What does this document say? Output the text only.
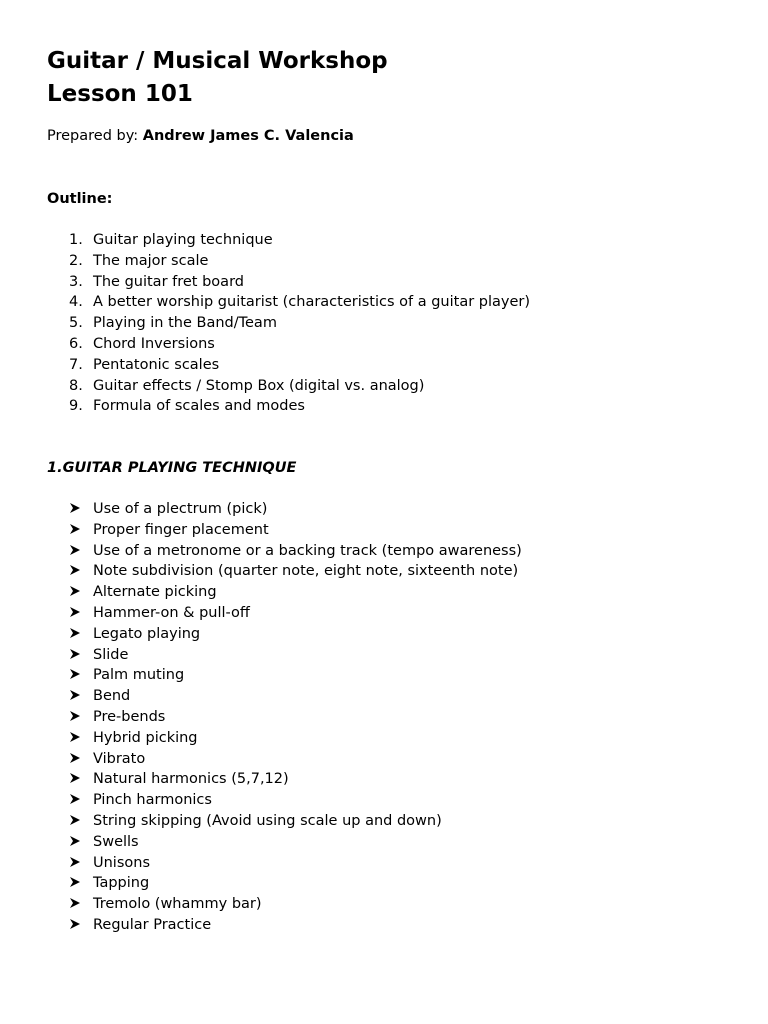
Guitar / Musical Workshop
Lesson 101
Prepared by: Andrew James C. Valencia
Outline:
1. Guitar playing technique
2. The major scale
3. The guitar fret board
4. A better worship guitarist (characteristics of a guitar player)
5. Playing in the Band/Team
6. Chord Inversions
7. Pentatonic scales
8. Guitar effects / Stomp Box (digital vs. analog)
9. Formula of scales and modes
1.GUITAR PLAYING TECHNIQUE
Use of a plectrum (pick)
Proper finger placement
Use of a metronome or a backing track (tempo awareness)
Note subdivision (quarter note, eight note, sixteenth note)
Alternate picking
Hammer-on & pull-off
Legato playing
Slide
Palm muting
Bend
Pre-bends
Hybrid picking
Vibrato
Natural harmonics (5,7,12)
Pinch harmonics
String skipping (Avoid using scale up and down)
Swells
Unisons
Tapping
Tremolo (whammy bar)
Regular Practice
